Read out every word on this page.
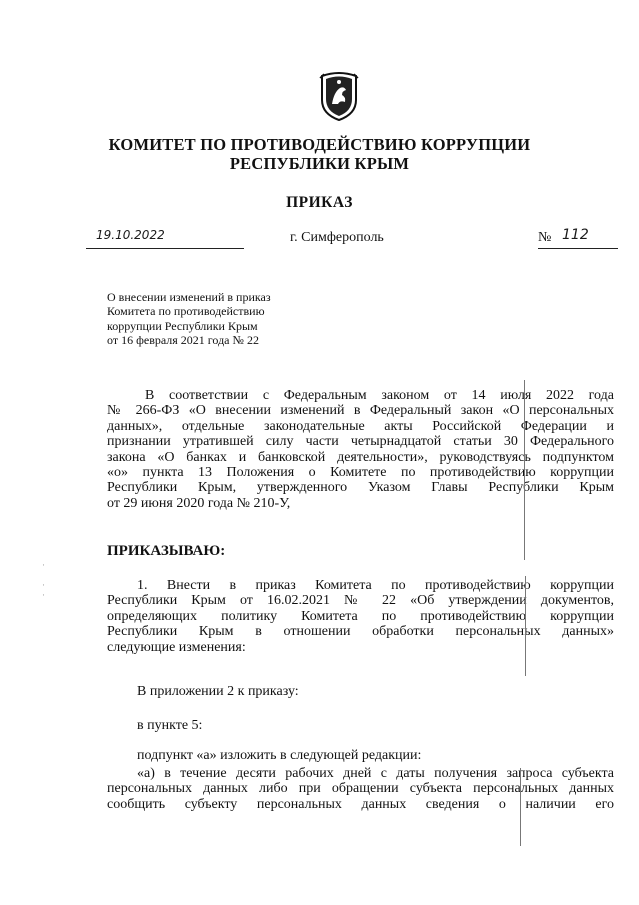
КОМИТЕТ ПО ПРОТИВОДЕЙСТВИЮ КОРРУПЦИИ
РЕСПУБЛИКИ КРЫМ
ПРИКАЗ
19.10.2022	г. Симферополь	№ 112
О внесении изменений в приказ
Комитета по противодействию
коррупции Республики Крым
от 16 февраля 2021 года № 22
В соответствии с Федеральным законом от 14 июля 2022 года
№ 266-ФЗ «О внесении изменений в Федеральный закон «О персональных
данных», отдельные законодательные акты Российской Федерации и
признании утратившей силу части четырнадцатой статьи 30 Федерального
закона «О банках и банковской деятельности», руководствуясь подпунктом
«о» пункта 13 Положения о Комитете по противодействию коррупции
Республики Крым, утвержденного Указом Главы Республики Крым
от 29 июня 2020 года № 210-У,
ПРИКАЗЫВАЮ:
1. Внести в приказ Комитета по противодействию коррупции
Республики Крым от 16.02.2021 № 22 «Об утверждении документов,
определяющих политику Комитета по противодействию коррупции
Республики Крым в отношении обработки персональных данных»
следующие изменения:
В приложении 2 к приказу:
в пункте 5:
подпункт «а» изложить в следующей редакции:
«а) в течение десяти рабочих дней с даты получения запроса субъекта
персональных данных либо при обращении субъекта персональных данных
сообщить субъекту персональных данных сведения о наличии его
·

·
·
